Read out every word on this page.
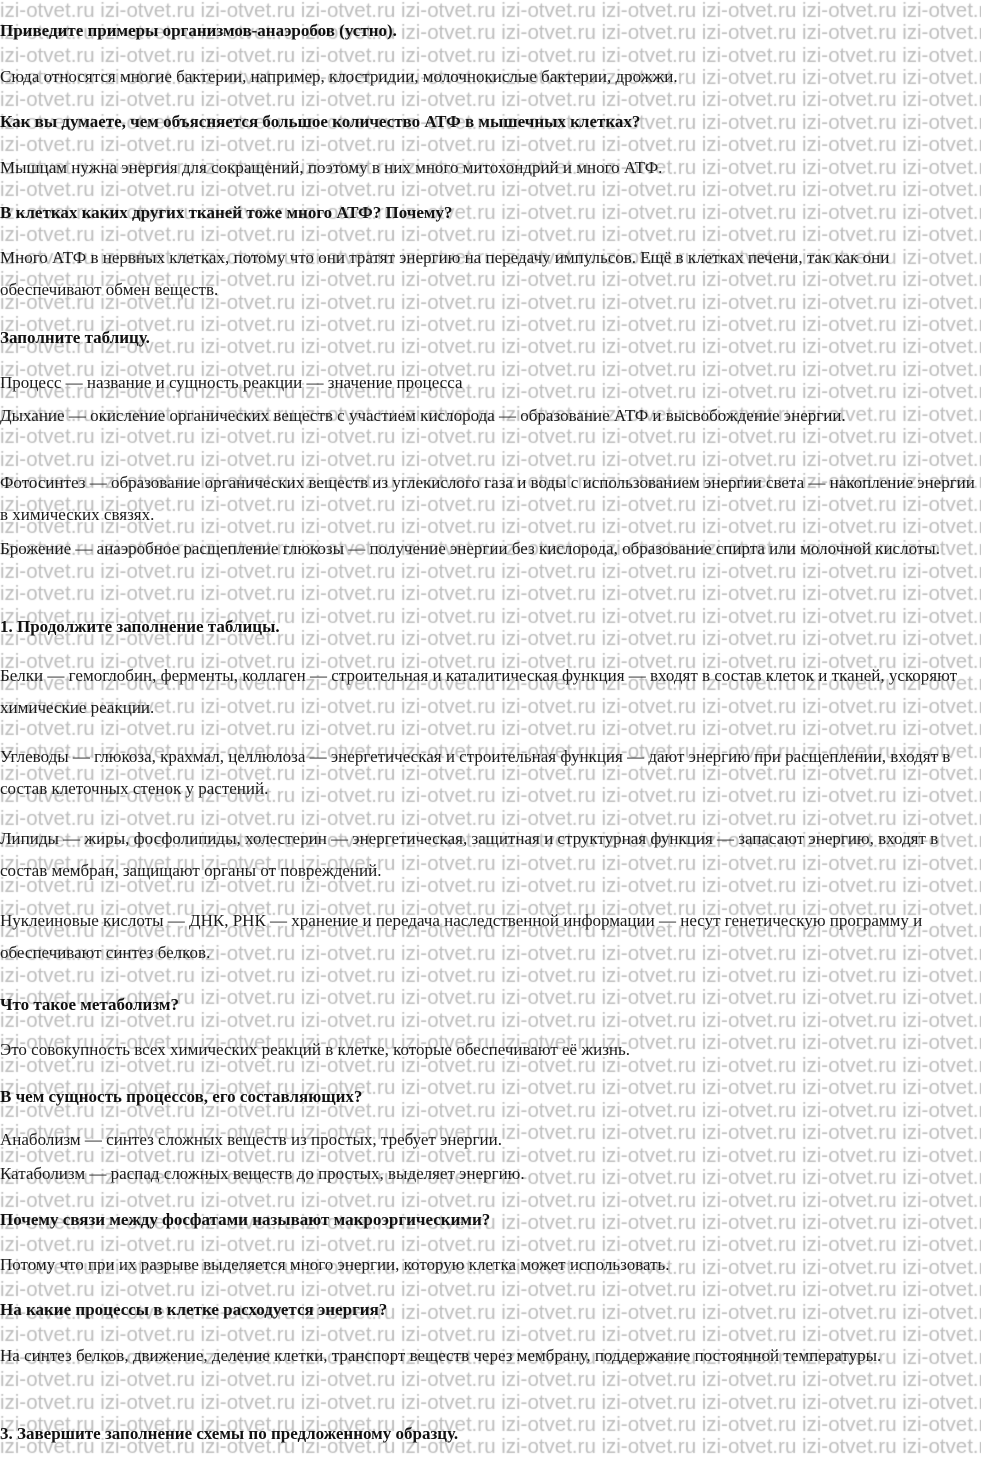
Приведите примеры организмов-анаэробов (устно).

Сюда относятся многие бактерии, например, клостридии, молочнокислые бактерии, дрожжи.

Как вы думаете, чем объясняется большое количество АТФ в мышечных клетках?

Мышцам нужна энергия для сокращений, поэтому в них много митохондрий и много АТФ.

В клетках каких других тканей тоже много АТФ? Почему?

Много АТФ в нервных клетках, потому что они тратят энергию на передачу импульсов. Ещё в клетках печени, так как они обеспечивают обмен веществ.

Заполните таблицу.

Процесс — название и сущность реакции — значение процесса

Дыхание — окисление органических веществ с участием кислорода — образование АТФ и высвобождение энергии.

Фотосинтез — образование органических веществ из углекислого газа и воды с использованием энергии света — накопление энергии в химических связях.

Брожение — анаэробное расщепление глюкозы — получение энергии без кислорода, образование спирта или молочной кислоты.

1. Продолжите заполнение таблицы.

Белки — гемоглобин, ферменты, коллаген — строительная и каталитическая функция — входят в состав клеток и тканей, ускоряют химические реакции.

Углеводы — глюкоза, крахмал, целлюлоза — энергетическая и строительная функция — дают энергию при расщеплении, входят в состав клеточных стенок у растений.

Липиды — жиры, фосфолипиды, холестерин — энергетическая, защитная и структурная функция — запасают энергию, входят в состав мембран, защищают органы от повреждений.

Нуклеиновые кислоты — ДНК, РНК — хранение и передача наследственной информации — несут генетическую программу и обеспечивают синтез белков.

Что такое метаболизм?

Это совокупность всех химических реакций в клетке, которые обеспечивают её жизнь.

В чем сущность процессов, его составляющих?

Анаболизм — синтез сложных веществ из простых, требует энергии.

Катаболизм — распад сложных веществ до простых, выделяет энергию.

Почему связи между фосфатами называют макроэргическими?

Потому что при их разрыве выделяется много энергии, которую клетка может использовать.

На какие процессы в клетке расходуется энергия?

На синтез белков, движение, деление клетки, транспорт веществ через мембрану, поддержание постоянной температуры.

3. Завершите заполнение схемы по предложенному образцу.
